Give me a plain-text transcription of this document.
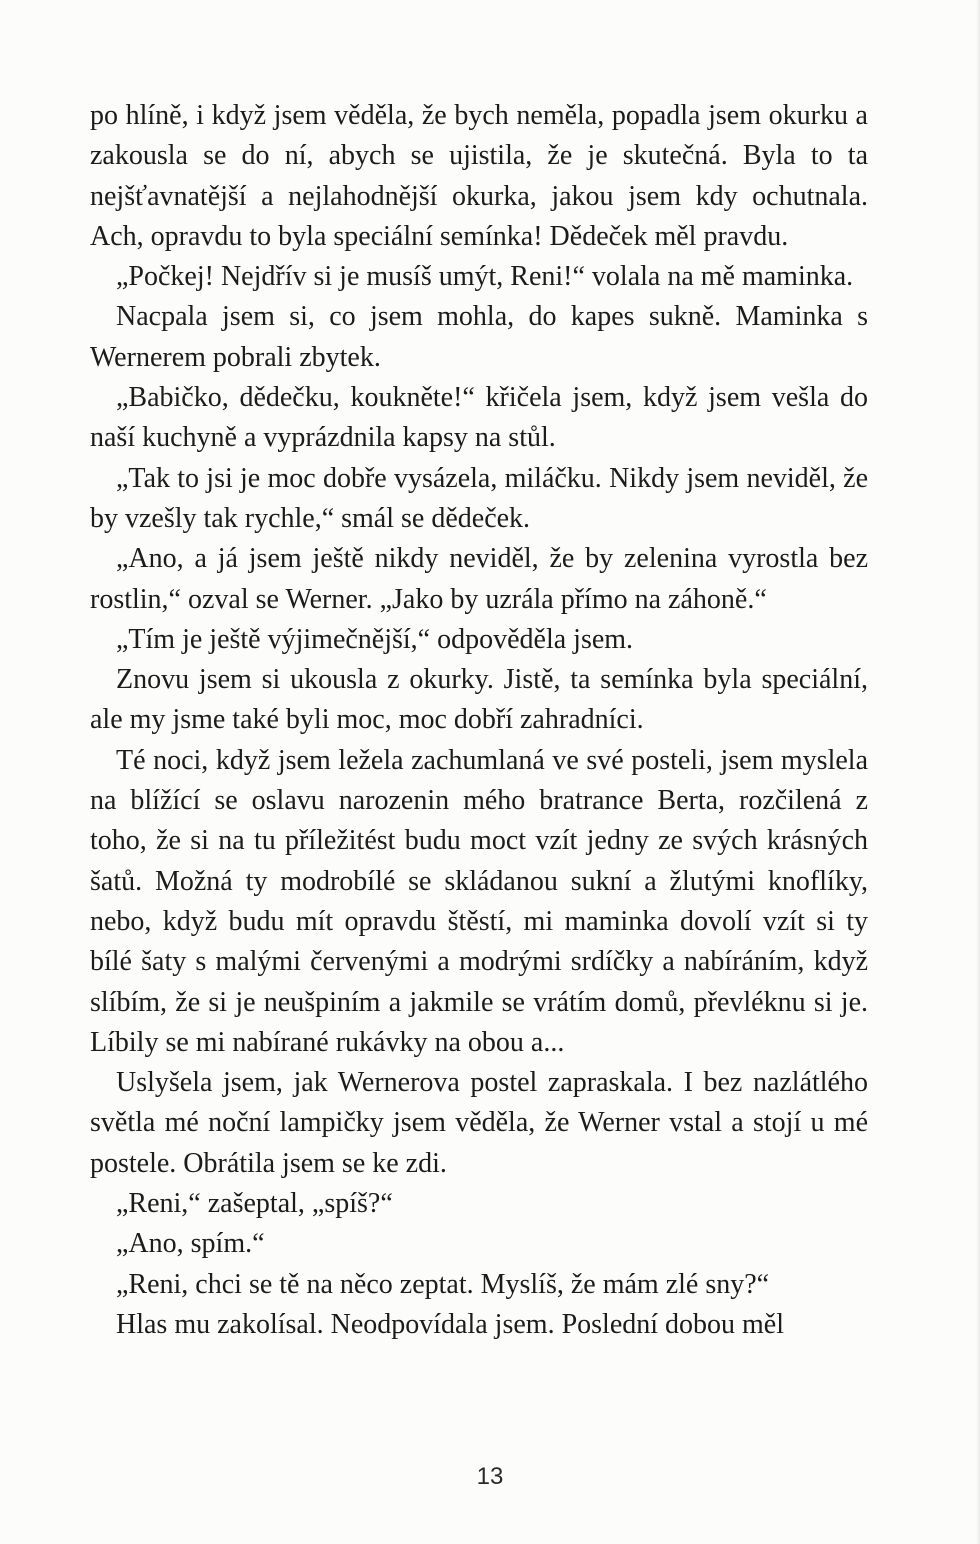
po hlíně, i když jsem věděla, že bych neměla, popadla jsem okurku a zakousla se do ní, abych se ujistila, že je skutečná. Byla to ta nejšťavnatější a nejlahodnější okurka, jakou jsem kdy ochutnala. Ach, opravdu to byla speciální semínka! Dědeček měl pravdu.

„Počkej! Nejdřív si je musíš umýt, Reni!“ volala na mě maminka.

Nacpala jsem si, co jsem mohla, do kapes sukně. Maminka s Wernerem pobrali zbytek.

„Babičko, dědečku, koukněte!“ křičela jsem, když jsem vešla do naší kuchyně a vyprázdnila kapsy na stůl.

„Tak to jsi je moc dobře vysázela, miláčku. Nikdy jsem neviděl, že by vzešly tak rychle,“ smál se dědeček.

„Ano, a já jsem ještě nikdy neviděl, že by zelenina vyrostla bez rostlin,“ ozval se Werner. „Jako by uzrála přímo na záhoně.“

„Tím je ještě výjimečnější,“ odpověděla jsem.

Znovu jsem si ukousla z okurky. Jistě, ta semínka byla speciální, ale my jsme také byli moc, moc dobří zahradníci.

Té noci, když jsem ležela zachumlaná ve své posteli, jsem myslela na blížící se oslavu narozenin mého bratrance Berta, rozčilená z toho, že si na tu příležitést budu moct vzít jedny ze svých krásných šatů. Možná ty modrobílé se skládanou sukní a žlutými knoflíky, nebo, když budu mít opravdu štěstí, mi maminka dovolí vzít si ty bílé šaty s malými červenými a modrými srdíčky a nabíráním, když slíbím, že si je neušpiním a jakmile se vrátím domů, převléknu si je. Líbily se mi nabírané rukávky na obou a...

Uslyšela jsem, jak Wernerova postel zapraskala. I bez nazlátlého světla mé noční lampičky jsem věděla, že Werner vstal a stojí u mé postele. Obrátila jsem se ke zdi.

„Reni,“ zašeptal, „spíš?“

„Ano, spím.“

„Reni, chci se tě na něco zeptat. Myslíš, že mám zlé sny?“

Hlas mu zakolísal. Neodpovídala jsem. Poslední dobou měl

13
